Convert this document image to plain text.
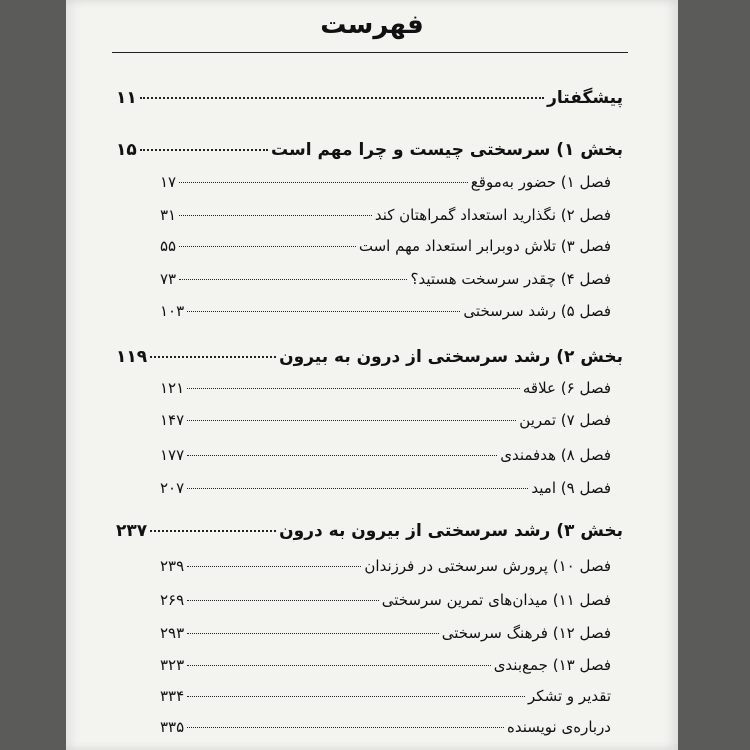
فهرست
پیشگفتار
۱۱
بخش ۱) سرسختی چیست و چرا مهم است
۱۵
فصل ۱) حضور به‌موقع
۱۷
فصل ۲) نگذارید استعداد گمراهتان کند
۳۱
فصل ۳) تلاش دوبرابر استعداد مهم است
۵۵
فصل ۴) چقدر سرسخت هستید؟
۷۳
فصل ۵) رشد سرسختی
۱۰۳
بخش ۲) رشد سرسختی از درون به بیرون
۱۱۹
فصل ۶) علاقه
۱۲۱
فصل ۷) تمرین
۱۴۷
فصل ۸) هدفمندی
۱۷۷
فصل ۹) امید
۲۰۷
بخش ۳) رشد سرسختی از بیرون به درون
۲۳۷
فصل ۱۰) پرورش سرسختی در فرزندان
۲۳۹
فصل ۱۱) میدان‌های تمرین سرسختی
۲۶۹
فصل ۱۲) فرهنگ سرسختی
۲۹۳
فصل ۱۳) جمع‌بندی
۳۲۳
تقدیر و تشکر
۳۳۴
درباره‌ی نویسنده
۳۳۵
